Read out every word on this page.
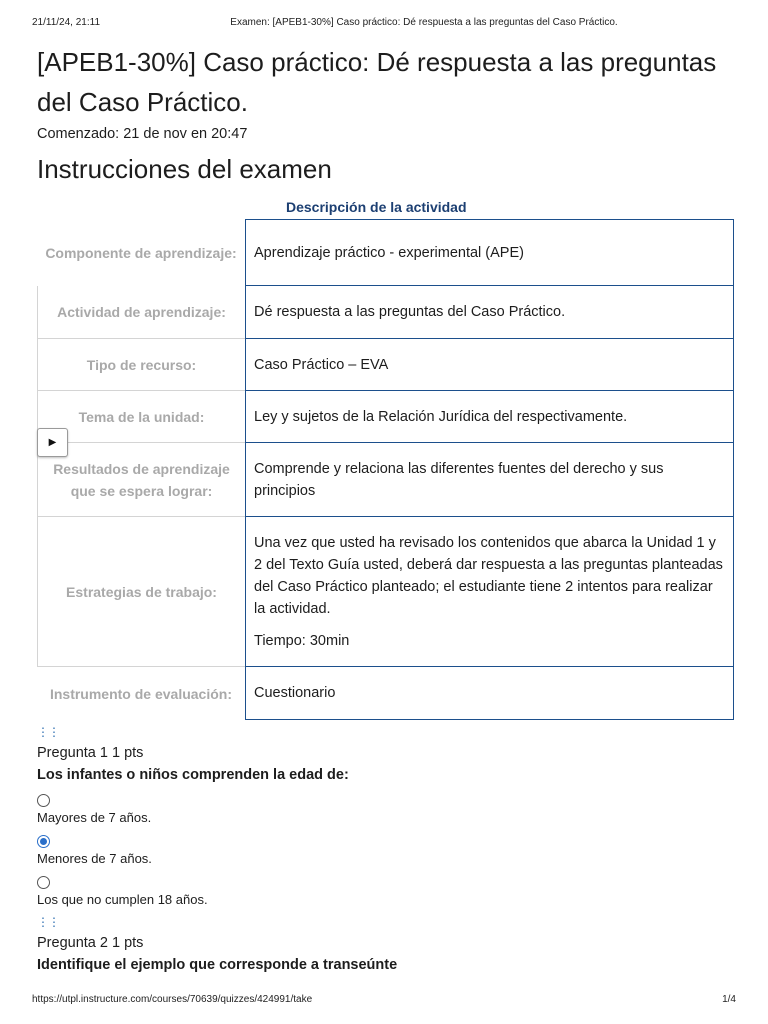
21/11/24, 21:11	Examen: [APEB1-30%] Caso práctico: Dé respuesta a las preguntas del Caso Práctico.
[APEB1-30%] Caso práctico: Dé respuesta a las preguntas del Caso Práctico.
Comenzado: 21 de nov en 20:47
Instrucciones del examen
Descripción de la actividad
Componente de aprendizaje:	Aprendizaje práctico - experimental (APE)
Actividad de aprendizaje:	Dé respuesta a las preguntas del Caso Práctico.
Tipo de recurso:	Caso Práctico – EVA
Tema de la unidad:	Ley y sujetos de la Relación Jurídica del respectivamente.
Resultados de aprendizaje que se espera lograr:
Comprende y relaciona las diferentes fuentes del derecho y sus principios
Estrategias de trabajo:

Una vez que usted ha revisado los contenidos que abarca la Unidad 1 y 2 del Texto Guía usted, deberá dar respuesta a las preguntas planteadas del Caso Práctico planteado; el estudiante tiene 2 intentos para realizar la actividad.

Tiempo: 30min

Instrumento de evaluación:	Cuestionario
▶
⋮⋮
Pregunta 1 1 pts
Los infantes o niños comprenden la edad de:
Mayores de 7 años.
Menores de 7 años.
Los que no cumplen 18 años.
⋮⋮
Pregunta 2 1 pts
Identifique el ejemplo que corresponde a transeúnte
https://utpl.instructure.com/courses/70639/quizzes/424991/take	1/4
